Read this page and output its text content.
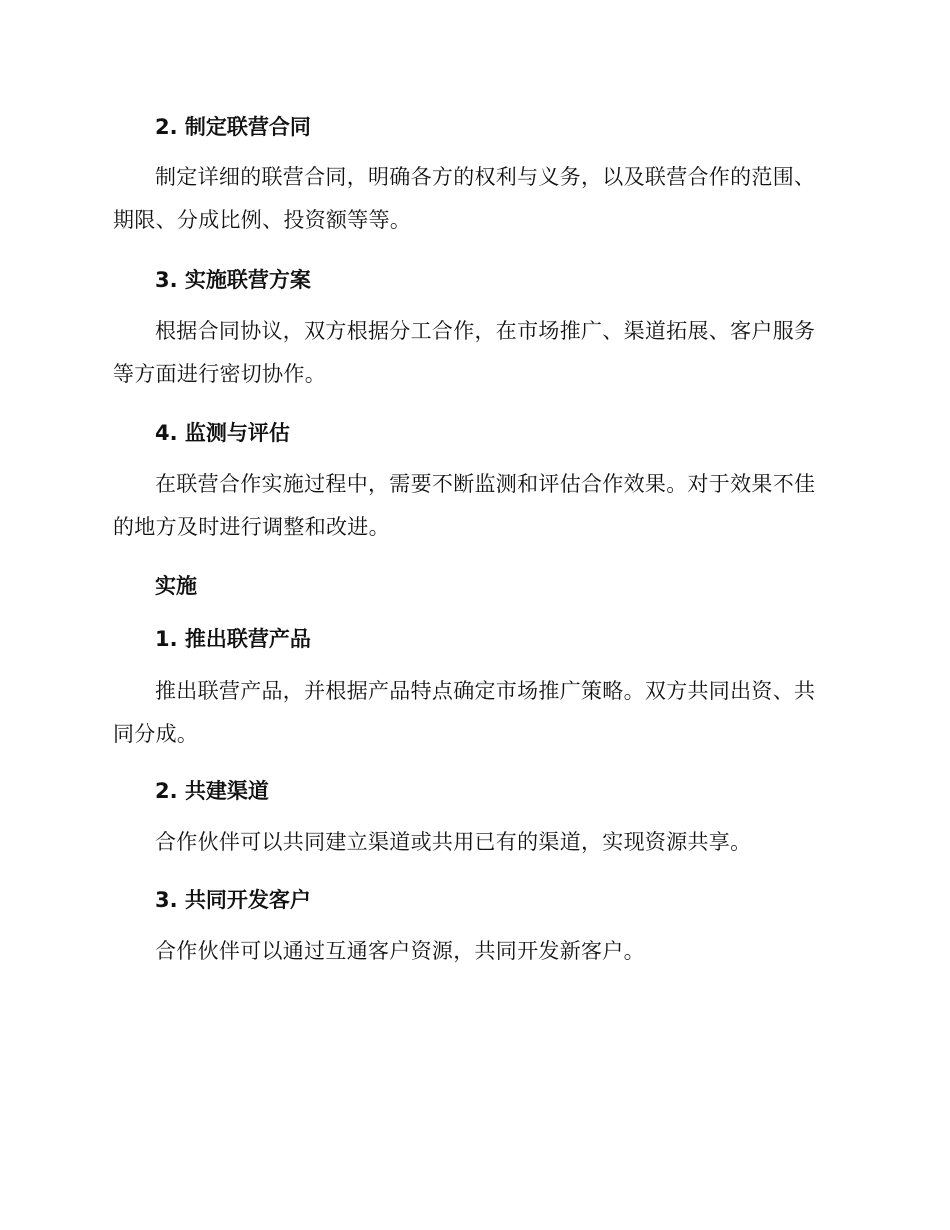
2. 制定联营合同

制定详细的联营合同，明确各方的权利与义务，以及联营合作的范围、期限、分成比例、投资额等等。

3. 实施联营方案

根据合同协议，双方根据分工合作，在市场推广、渠道拓展、客户服务等方面进行密切协作。

4. 监测与评估

在联营合作实施过程中，需要不断监测和评估合作效果。对于效果不佳的地方及时进行调整和改进。

实施
1. 推出联营产品

推出联营产品，并根据产品特点确定市场推广策略。双方共同出资、共同分成。

2. 共建渠道

合作伙伴可以共同建立渠道或共用已有的渠道，实现资源共享。

3. 共同开发客户

合作伙伴可以通过互通客户资源，共同开发新客户。
